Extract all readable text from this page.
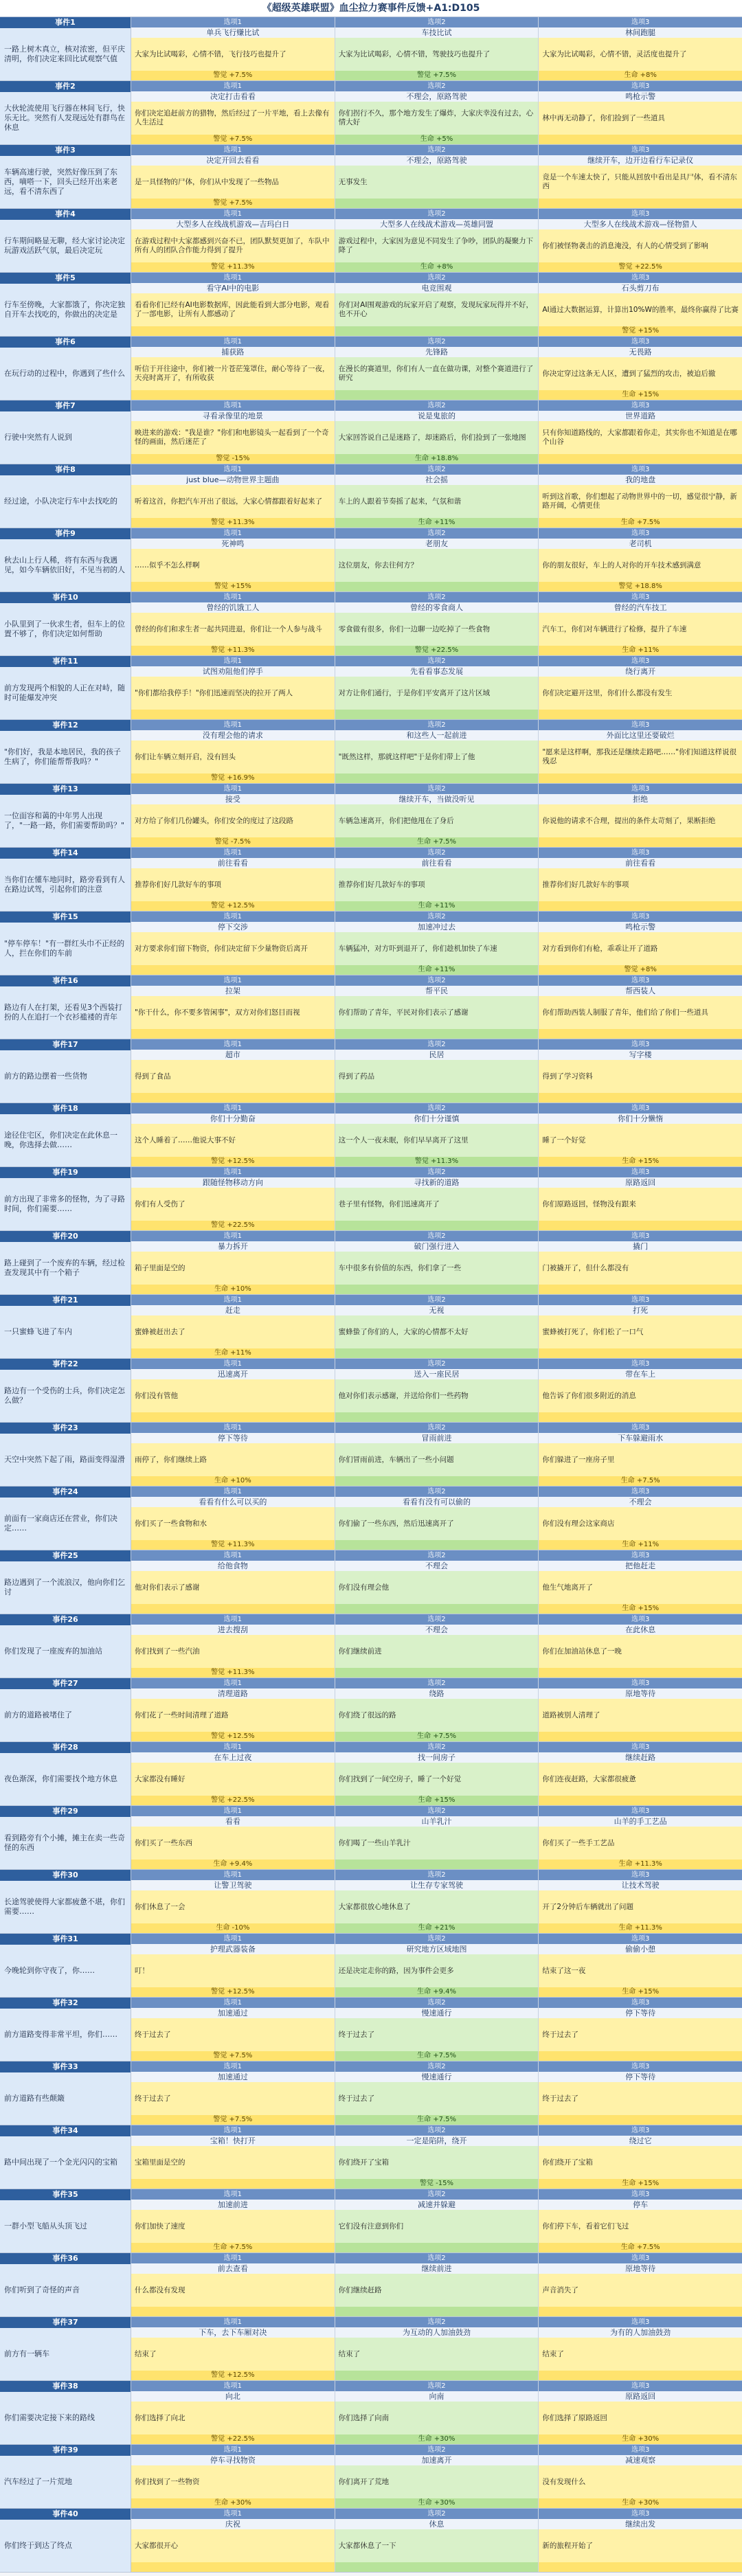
《超级英雄联盟》血尘拉力赛事件反馈+A1:D105
事件1
一路上树木真立，核对浓密，但平庆清明，你们决定来回比试观察气值
选项1
单兵飞行赚比试
大家为比试喝彩，心情不错，飞行技巧也提升了
警觉 +7.5%
选项2
车技比试
大家为比试喝彩，心情不错，驾驶技巧也提升了
警觉 +7.5%
选项3
林间跑腿
大家为比试喝彩，心情不错，灵活度也提升了
生命 +8%
事件2
大伙轮流使用飞行器在林间飞行，快乐无比。突然有人发现远处有群鸟在休息
选项1
决定打击看看
你们决定追赶前方的猎物，然后经过了一片平地，看上去像有人生活过
警觉 +7.5%
选项2
不理会，原路驾驶
你们拐行不久，那个地方发生了爆炸，大家庆幸没有过去，心情大好
生命 +5%
选项3
鸣枪示警
林中再无动静了，你们捡到了一些道具
事件3
车辆高速行驶，突然好像压到了东西，嘀嗒一下，回头已经开出来老远，看不清东西了
选项1
决定开回去看看
是一具怪物的尸体，你们从中发现了一些物品
警觉 +7.5%
选项2
不理会，原路驾驶
无事发生
选项3
继续开车，边开边看行车记录仪
竟是一个车速太快了，只能从回放中看出是具尸体，看不清东西
事件4
行车期间略显无聊，经大家讨论决定玩游戏活跃气氛，最后决定玩
选项1
大型多人在线战机游戏—吉玛白日
在游戏过程中大家都感到兴奋不已，团队默契更加了，车队中所有人的团队合作能力得到了提升
警觉 +11.3%
选项2
大型多人在线战术游戏—英雄同盟
游戏过程中，大家因为意见不同发生了争吵，团队的凝聚力下降了
生命 +8%
选项3
大型多人在线战术游戏—怪物猎人
你们被怪物袭击的消息淹没，有人的心情受到了影响
警觉 +22.5%
事件5
行车至傍晚，大家都饿了，你决定独自开车去找吃的，你做出的决定是
选项1
看守AI中的电影
看看你们已经有AI电影数据库，因此能看到大部分电影，观看了一部电影，让所有人都感动了
选项2
电竞围观
你们对AI围观游戏的玩家开启了观察，发现玩家玩得并不好，也不开心
选项3
石头剪刀布
AI通过大数据运算，计算出10%W的胜率，最终你赢得了比赛
警觉 +15%
事件6
在玩行动的过程中，你遇到了些什么
选项1
捕获路
听信于开往途中，你们被一片苍茫笼罩住，耐心等待了一夜，天亮时离开了，有所收获
选项2
先锋路
在漫长的赛道里，你们有人一直在做功课，对整个赛道进行了研究
选项3
无畏路
你决定穿过这条无人区，遭到了猛烈的攻击，被迫后撤
生命 +15%
事件7
行驶中突然有人说到
选项1
寻看录像里的地景
映进来的游戏："我是谁？"你们和电影镜头一起看到了一个奇怪的画面，然后迷茫了
警觉 -15%
选项2
说是鬼旅的
大家回答说自己是迷路了，却迷路后，你们捡到了一张地图
生命 +18.8%
选项3
世界道路
只有你知道路线的，大家都跟着你走，其实你也不知道是在哪个山谷
事件8
经过途，小队决定行车中去找吃的
选项1
just blue—动物世界主题曲
听着这首，你把汽车开出了很远，大家心情都跟着好起来了
警觉 +11.3%
选项2
社会摇
车上的人跟着节奏摇了起来，气氛和谐
生命 +11%
选项3
我的地盘
听到这首歌，你们想起了动物世界中的一切，感觉很宁静，新路开阔，心情更佳
生命 +7.5%
事件9
秋去山上行人稀，将有东西与我遇见，如今车辆依旧好，不见当初的人
选项1
死神鸣
……似乎不怎么样啊
警觉 +15%
选项2
老朋友
这位朋友，你去往何方？
选项3
老司机
你的朋友很好，车上的人对你的开车技术感到满意
警觉 +18.8%
事件10
小队里到了一伙求生者，但车上的位置不够了，你们决定如何帮助
选项1
曾经的饥饿工人
曾经的你们和求生者一起共同进退，你们让一个人参与战斗
警觉 +11.3%
选项2
曾经的零食商人
零食做有很多，你们一边聊一边吃掉了一些食物
警觉 +22.5%
选项3
曾经的汽车技工
汽车工，你们对车辆进行了检修，提升了车速
生命 +11%
事件11
前方发现两个相貌的人正在对峙，随时可能爆发冲突
选项1
试图劝阻他们停手
"你们都给我停手！"你们迅速而坚决的拉开了两人
选项2
先看看事态发展
对方让你们通行，于是你们平安离开了这片区域
选项3
绕行离开
你们决定避开这里，你们什么都没有发生
事件12
"你们好，我是本地居民，我的孩子生病了，你们能帮帮我吗？"
选项1
没有理会他的请求
你们让车辆立刻开启，没有回头
警觉 +16.9%
选项2
和这些人一起前进
"既然这样，那就这样吧"于是你们带上了他
选项3
外面比这里还要破烂
"愿来是这样啊，那我还是继续走路吧……"你们知道这样说很残忍
事件13
一位面容和蔼的中年男人出现了，"一路一路，你们需要帮助吗？"
选项1
接受
对方给了你们几份罐头，你们安全的度过了这段路
警觉 -7.5%
选项2
继续开车，当做没听见
车辆急速离开，你们把他甩在了身后
生命 +7.5%
选项3
拒绝
你说他的请求不合理，提出的条件太苛刻了，果断拒绝
事件14
当你们在懂车地同时，路旁看到有人在路边试驾，引起你们的注意
选项1
前往看看
推荐你们好几款好车的事项
警觉 +12.5%
选项2
前往看看
推荐你们好几款好车的事项
生命 +11%
选项3
前往看看
推荐你们好几款好车的事项
事件15
"停车停车！"有一群红头巾不正经的人，拦在你们的车前
选项1
停下交涉
对方要求你们留下物资，你们决定留下少量物资后离开
选项2
加速冲过去
车辆猛冲，对方吓到退开了，你们趁机加快了车速
生命 +11%
选项3
鸣枪示警
对方看到你们有枪，乖乖让开了道路
警觉 +8%
事件16
路边有人在打架，还看见3个西装打扮的人在追打一个衣衫褴褛的青年
选项1
拉架
"你干什么，你不要多管闲事"，双方对你们怒目而视
选项2
帮平民
你们帮助了青年，平民对你们表示了感谢
选项3
帮西装人
你们帮助西装人制服了青年，他们给了你们一些道具
事件17
前方的路边摆着一些货物
选项1
超市
得到了食品
选项2
民居
得到了药品
选项3
写字楼
得到了学习资料
事件18
途径住宅区，你们决定在此休息一晚，你选择去做……
选项1
你们十分勤奋
这个人睡着了……他说大事不好
警觉 +12.5%
选项2
你们十分谨慎
这一个人一夜未眠，你们早早离开了这里
警觉 +11.3%
选项3
你们十分懒惰
睡了一个好觉
生命 +15%
事件19
前方出现了非常多的怪物，为了寻路时间，你们需要……
选项1
跟随怪物移动方向
你们有人受伤了
警觉 +22.5%
选项2
寻找新的道路
巷子里有怪物，你们迅速离开了
选项3
原路返回
你们原路返回，怪物没有跟来
事件20
路上碰到了一个废弃的车辆，经过检查发现其中有一个箱子
选项1
暴力拆开
箱子里面是空的
生命 +10%
选项2
破门强行进入
车中很多有价值的东西，你们拿了一些
选项3
撬门
门被撬开了，但什么都没有
事件21
一只蜜蜂飞进了车内
选项1
赶走
蜜蜂被赶出去了
生命 +11%
选项2
无视
蜜蜂蛰了你们的人，大家的心情都不太好
选项3
打死
蜜蜂被打死了，你们松了一口气
事件22
路边有一个受伤的士兵，你们决定怎么做？
选项1
迅速离开
你们没有管他
选项2
送入一座民居
他对你们表示感谢，并送给你们一些药物
选项3
带在车上
他告诉了你们很多附近的消息
事件23
天空中突然下起了雨，路面变得湿滑
选项1
停下等待
雨停了，你们继续上路
生命 +10%
选项2
冒雨前进
你们冒雨前进，车辆出了一些小问题
选项3
下车躲避雨水
你们躲进了一座房子里
生命 +7.5%
事件24
前面有一家商店还在营业，你们决定……
选项1
看看有什么可以买的
你们买了一些食物和水
警觉 +11.3%
选项2
看看有没有可以偷的
你们偷了一些东西，然后迅速离开了
选项3
不理会
你们没有理会这家商店
生命 +11%
事件25
路边遇到了一个流浪汉，他向你们乞讨
选项1
给他食物
他对你们表示了感谢
选项2
不理会
你们没有理会他
选项3
把他赶走
他生气地离开了
生命 +15%
事件26
你们发现了一座废弃的加油站
选项1
进去搜刮
你们找到了一些汽油
警觉 +11.3%
选项2
不理会
你们继续前进
选项3
在此休息
你们在加油站休息了一晚
事件27
前方的道路被堵住了
选项1
清理道路
你们花了一些时间清理了道路
警觉 +12.5%
选项2
绕路
你们绕了很远的路
生命 +7.5%
选项3
原地等待
道路被别人清理了
事件28
夜色渐深，你们需要找个地方休息
选项1
在车上过夜
大家都没有睡好
警觉 +22.5%
选项2
找一间房子
你们找到了一间空房子，睡了一个好觉
生命 +15%
选项3
继续赶路
你们连夜赶路，大家都很疲惫
事件29
看到路旁有个小摊，摊主在卖一些奇怪的东西
选项1
看看
你们买了一些东西
生命 +9.4%
选项2
山羊乳汁
你们喝了一些山羊乳汁
选项3
山羊的手工艺品
你们买了一些手工艺品
生命 +11.3%
事件30
长途驾驶使得大家都疲惫不堪，你们需要……
选项1
让警卫驾驶
你们休息了一会
生命 -10%
选项2
让生存专家驾驶
大家都很放心地休息了
生命 +21%
选项3
让技术驾驶
开了2分钟后车辆就出了问题
生命 +11.3%
事件31
今晚轮到你守夜了，你……
选项1
护理武器装备
叮！
警觉 +12.5%
选项2
研究地方区域地图
还是决定走你的路，因为事件会更多
生命 +9.4%
选项3
偷偷小憩
结束了这一夜
生命 +15%
事件32
前方道路变得非常平坦，你们……
选项1
加速通过
终于过去了
警觉 +7.5%
选项2
慢速通行
终于过去了
生命 +7.5%
选项3
停下等待
终于过去了
事件33
前方道路有些颠簸
选项1
加速通过
终于过去了
警觉 +7.5%
选项2
慢速通行
终于过去了
生命 +7.5%
选项3
停下等待
终于过去了
事件34
路中间出现了一个金光闪闪的宝箱
选项1
宝箱！快打开
宝箱里面是空的
选项2
一定是陷阱，绕开
你们绕开了宝箱
警觉 -15%
选项3
绕过它
你们绕开了宝箱
生命 +15%
事件35
一群小型飞船从头顶飞过
选项1
加速前进
你们加快了速度
生命 +7.5%
选项2
减速并躲避
它们没有注意到你们
选项3
停车
你们停下车，看着它们飞过
生命 +7.5%
事件36
你们听到了奇怪的声音
选项1
前去查看
什么都没有发现
选项2
继续前进
你们继续赶路
选项3
原地等待
声音消失了
事件37
前方有一辆车
选项1
下车，去下车厢对决
结束了
警觉 +12.5%
选项2
为互动的人加油鼓劲
结束了
选项3
为有的人加油鼓劲
结束了
事件38
你们需要决定接下来的路线
选项1
向北
你们选择了向北
警觉 +22.5%
选项2
向南
你们选择了向南
生命 +30%
选项3
原路返回
你们选择了原路返回
生命 +30%
事件39
汽车经过了一片荒地
选项1
停车寻找物资
你们找到了一些物资
生命 +30%
选项2
加速离开
你们离开了荒地
生命 +30%
选项3
减速观察
没有发现什么
生命 +30%
事件40
你们终于到达了终点
选项1
庆祝
大家都很开心
选项2
休息
大家都休息了一下
选项3
继续出发
新的旅程开始了
